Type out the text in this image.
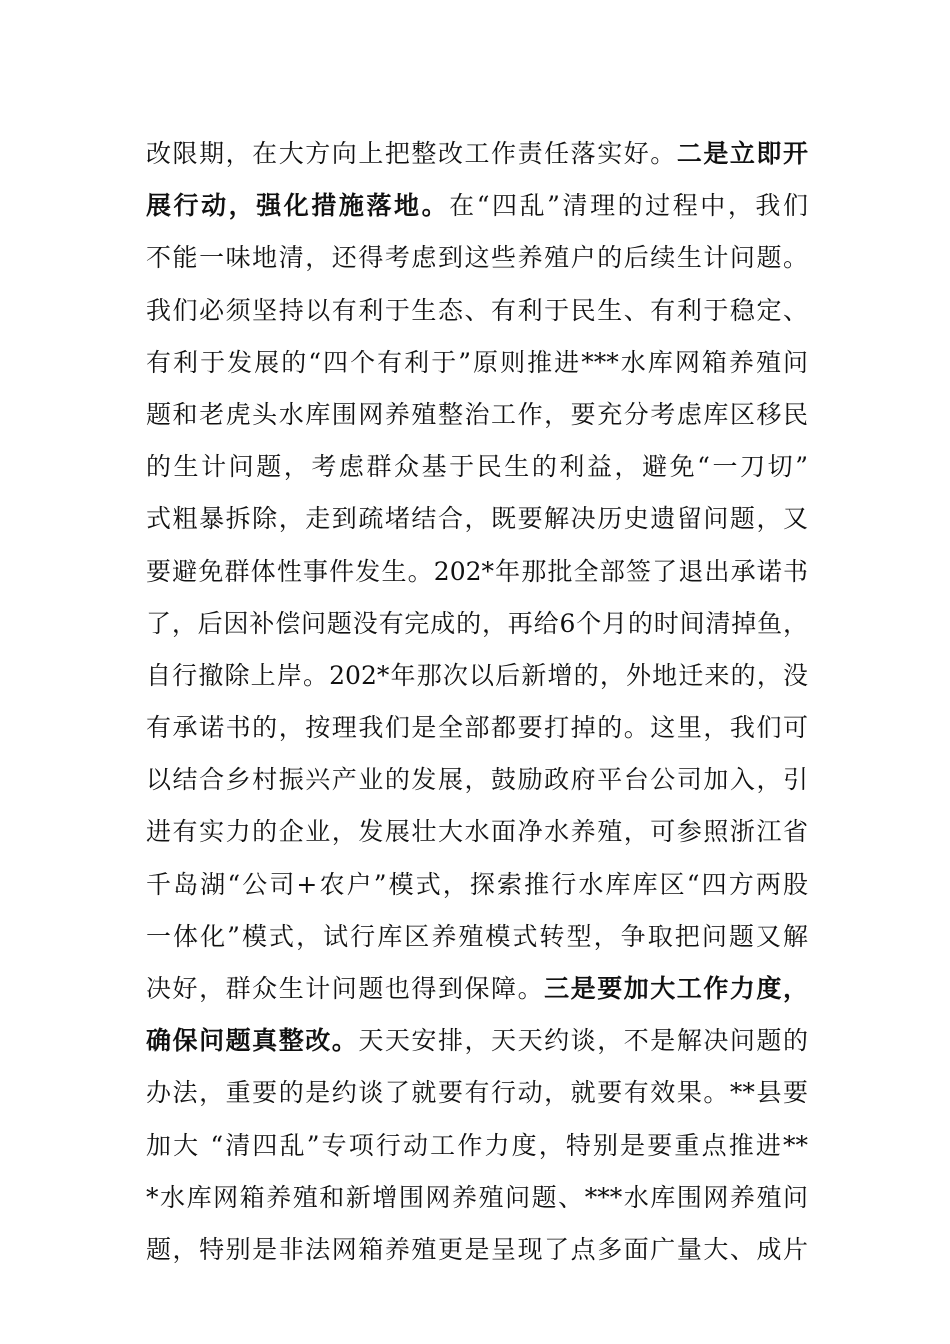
改限期，在大方向上把整改工作责任落实好。二是立即开
展行动，强化措施落地。在“四乱”清理的过程中，我们
不能一味地清，还得考虑到这些养殖户的后续生计问题。
我们必须坚持以有利于生态、有利于民生、有利于稳定、
有利于发展的“四个有利于”原则推进***水库网箱养殖问
题和老虎头水库围网养殖整治工作，要充分考虑库区移民
的生计问题，考虑群众基于民生的利益，避免“一刀切”
式粗暴拆除，走到疏堵结合，既要解决历史遗留问题，又
要避免群体性事件发生。202*年那批全部签了退出承诺书
了，后因补偿问题没有完成的，再给6个月的时间清掉鱼，
自行撤除上岸。202*年那次以后新增的，外地迁来的，没
有承诺书的，按理我们是全部都要打掉的。这里，我们可
以结合乡村振兴产业的发展，鼓励政府平台公司加入，引
进有实力的企业，发展壮大水面净水养殖，可参照浙江省
千岛湖“公司+农户”模式，探索推行水库库区“四方两股
一体化”模式，试行库区养殖模式转型，争取把问题又解
决好，群众生计问题也得到保障。三是要加大工作力度，
确保问题真整改。天天安排，天天约谈，不是解决问题的
办法，重要的是约谈了就要有行动，就要有效果。**县要
加大 “清四乱”专项行动工作力度，特别是要重点推进**
*水库网箱养殖和新增围网养殖问题、***水库围网养殖问
题，特别是非法网箱养殖更是呈现了点多面广量大、成片
